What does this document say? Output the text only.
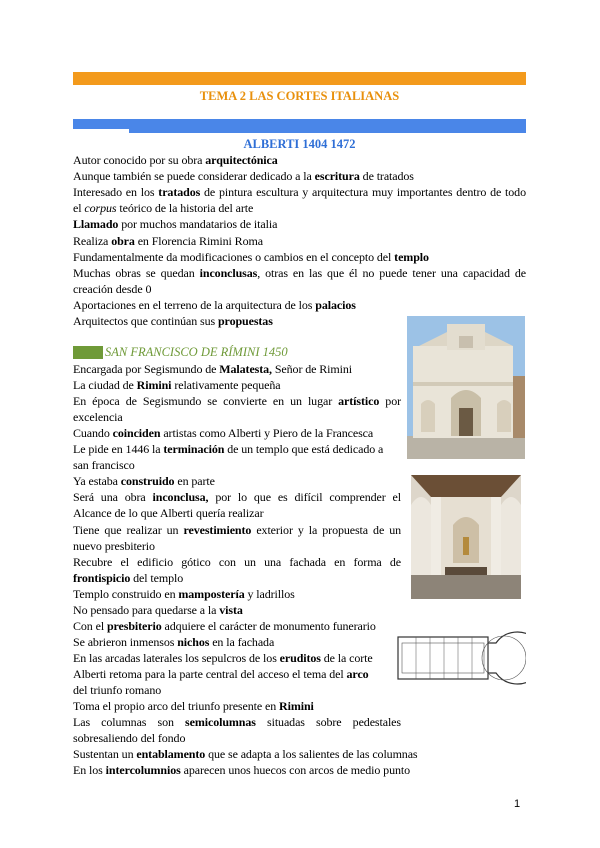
TEMA 2 LAS CORTES ITALIANAS
ALBERTI 1404 1472
Autor conocido por su obra arquitectónica
Aunque también se puede considerar dedicado a la escritura de tratados
Interesado en los tratados de pintura escultura y arquitectura muy importantes dentro de todo
el corpus teórico de la historia del arte
Llamado por muchos mandatarios de italia
Realiza obra en Florencia Rimini Roma
Fundamentalmente da modificaciones o cambios en el concepto del templo
Muchas obras se quedan inconclusas, otras en las que él no puede tener una capacidad de
creación desde 0
Aportaciones en el terreno de la arquitectura de los palacios
Arquitectos que continúan sus propuestas
SAN FRANCISCO DE RÍMINI 1450
Encargada por Segismundo de Malatesta, Señor de Rimini
La ciudad de Rimini relativamente pequeña
En época de Segismundo se convierte en un lugar artístico por
excelencia
Cuando coinciden artistas como Alberti y Piero de la Francesca
Le pide en 1446 la terminación de un templo que está dedicado a
san francisco
Ya estaba construido en parte
Será una obra inconclusa, por lo que es difícil comprender el
Alcance de lo que Alberti quería realizar
Tiene que realizar un revestimiento exterior y la propuesta de un
nuevo presbiterio
Recubre el edificio gótico con un una fachada en forma de
frontispicio del templo
Templo construido en mampostería y ladrillos
No pensado para quedarse a la vista
Con el presbiterio adquiere el carácter de monumento funerario
Se abrieron inmensos nichos en la fachada
En las arcadas laterales los sepulcros de los eruditos de la corte
Alberti retoma para la parte central del acceso el tema del arco
del triunfo romano
Toma el propio arco del triunfo presente en Rimini
Las columnas son semicolumnas situadas sobre pedestales
sobresaliendo del fondo
Sustentan un entablamento que se adapta a los salientes de las columnas
En los intercolumnios aparecen unos huecos con arcos de medio punto
1
